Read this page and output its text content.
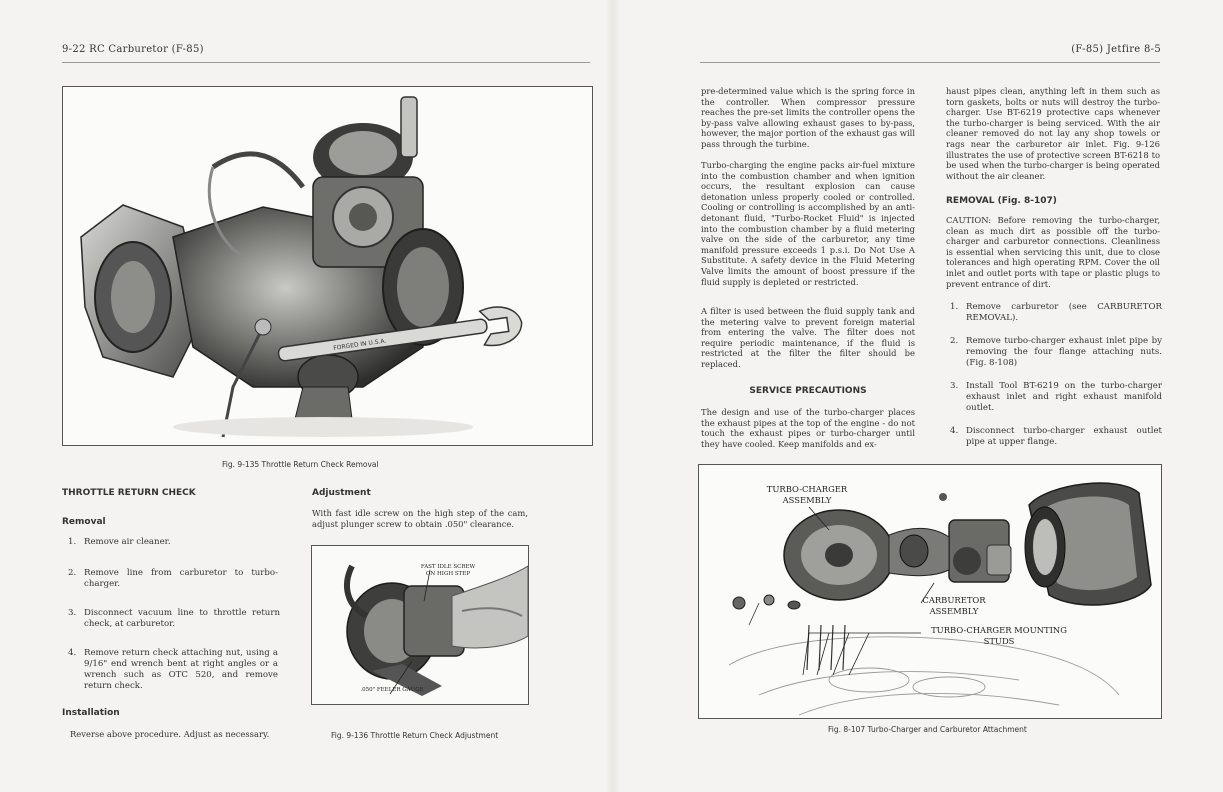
9-22 RC Carburetor (F-85)
FORGED IN U.S.A.
Fig. 9-135 Throttle Return Check Removal
THROTTLE RETURN CHECK
Removal
1. Remove air cleaner.
2. Remove line from carburetor to turbo-charger.
3. Disconnect vacuum line to throttle return check, at carburetor.
4. Remove return check attaching nut, using a 9/16" end wrench bent at right angles or a wrench such as OTC 520, and remove return check.
Installation
Reverse above procedure. Adjust as necessary.
Adjustment

With fast idle screw on the high step of the cam, adjust plunger screw to obtain .050" clearance.

FAST IDLE SCREW
ON HIGH STEP
.050" FEELER GAUGE
Fig. 9-136 Throttle Return Check Adjustment
(F-85) Jetfire 8-5

pre-determined value which is the spring force in the controller. When compressor pressure reaches the pre-set limits the controller opens the by-pass valve allowing exhaust gases to by-pass, however, the major portion of the exhaust gas will pass through the turbine.

Turbo-charging the engine packs air-fuel mixture into the combustion chamber and when ignition occurs, the resultant explosion can cause detonation unless properly cooled or controlled. Cooling or controlling is accomplished by an anti-detonant fluid, "Turbo-Rocket Fluid" is injected into the combustion chamber by a fluid metering valve on the side of the carburetor, any time manifold pressure exceeds 1 p.s.i. Do Not Use A Substitute. A safety device in the Fluid Metering Valve limits the amount of boost pressure if the fluid supply is depleted or restricted.

A filter is used between the fluid supply tank and the metering valve to prevent foreign material from entering the valve. The filter does not require periodic maintenance, if the fluid is restricted at the filter the filter should be replaced.

SERVICE PRECAUTIONS

The design and use of the turbo-charger places the exhaust pipes at the top of the engine - do not touch the exhaust pipes or turbo-charger until they have cooled. Keep manifolds and ex-

haust pipes clean, anything left in them such as torn gaskets, bolts or nuts will destroy the turbo-charger. Use BT-6219 protective caps whenever the turbo-charger is being serviced. With the air cleaner removed do not lay any shop towels or rags near the carburetor air inlet. Fig. 9-126 illustrates the use of protective screen BT-6218 to be used when the turbo-charger is being operated without the air cleaner.

REMOVAL (Fig. 8-107)

CAUTION: Before removing the turbo-charger, clean as much dirt as possible off the turbo-charger and carburetor connections. Cleanliness is essential when servicing this unit, due to close tolerances and high operating RPM. Cover the oil inlet and outlet ports with tape or plastic plugs to prevent entrance of dirt.

1. Remove carburetor (see CARBURETOR REMOVAL).
2. Remove turbo-charger exhaust inlet pipe by removing the four flange attaching nuts. (Fig. 8-108)
3. Install Tool BT-6219 on the turbo-charger exhaust inlet and right exhaust manifold outlet.
4. Disconnect turbo-charger exhaust outlet pipe at upper flange.
TURBO-CHARGER
ASSEMBLY
CARBURETOR
ASSEMBLY
TURBO-CHARGER MOUNTING
STUDS
Fig. 8-107 Turbo-Charger and Carburetor Attachment
